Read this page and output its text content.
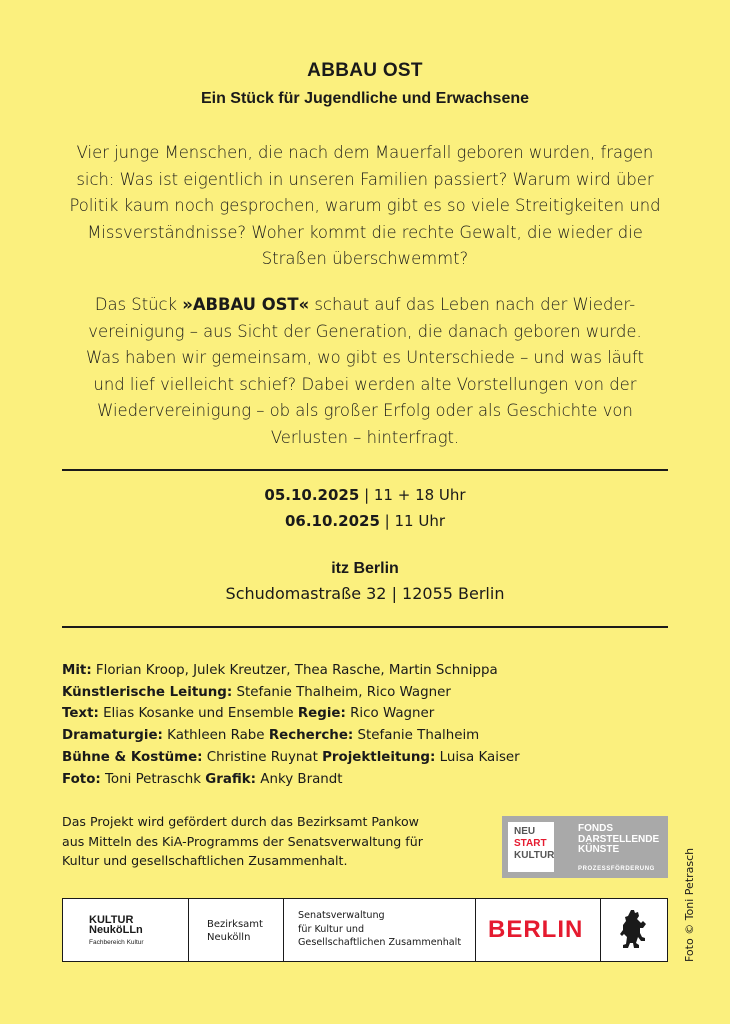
ABBAU OST
Ein Stück für Jugendliche und Erwachsene

Vier junge Menschen, die nach dem Mauerfall geboren wurden, fragen

sich: Was ist eigentlich in unseren Familien passiert? Warum wird über

Politik kaum noch gesprochen, warum gibt es so viele Streitigkeiten und

Missverständnisse? Woher kommt die rechte Gewalt, die wieder die

Straßen überschwemmt?

Das Stück »ABBAU OST« schaut auf das Leben nach der Wieder-

vereinigung – aus Sicht der Generation, die danach geboren wurde.

Was haben wir gemeinsam, wo gibt es Unterschiede – und was läuft

und lief vielleicht schief? Dabei werden alte Vorstellungen von der

Wiedervereinigung – ob als großer Erfolg oder als Geschichte von

Verlusten – hinterfragt.

05.10.2025 | 11 + 18 Uhr
06.10.2025 | 11 Uhr
itz Berlin
Schudomastraße 32 | 12055 Berlin
Mit: Florian Kroop, Julek Kreutzer, Thea Rasche, Martin Schnippa
Künstlerische Leitung: Stefanie Thalheim, Rico Wagner
Text: Elias Kosanke und Ensemble Regie: Rico Wagner
Dramaturgie: Kathleen Rabe Recherche: Stefanie Thalheim
Bühne & Kostüme: Christine Ruynat Projektleitung: Luisa Kaiser
Foto: Toni Petraschk Grafik: Anky Brandt
Das Projekt wird gefördert durch das Bezirksamt Pankow
aus Mitteln des KiA-Programms der Senatsverwaltung für
Kultur und gesellschaftlichen Zusammenhalt.
NEU
START
KULTUR
FONDS
DARSTELLENDE
KÜNSTE
PROZESSFÖRDERUNG
KULTUR
NeuköLLn
Fachbereich Kultur
Bezirksamt
Neukölln
Senatsverwaltung
für Kultur und
Gesellschaftlichen Zusammenhalt BERLIN	Foto © Toni Petrasch
